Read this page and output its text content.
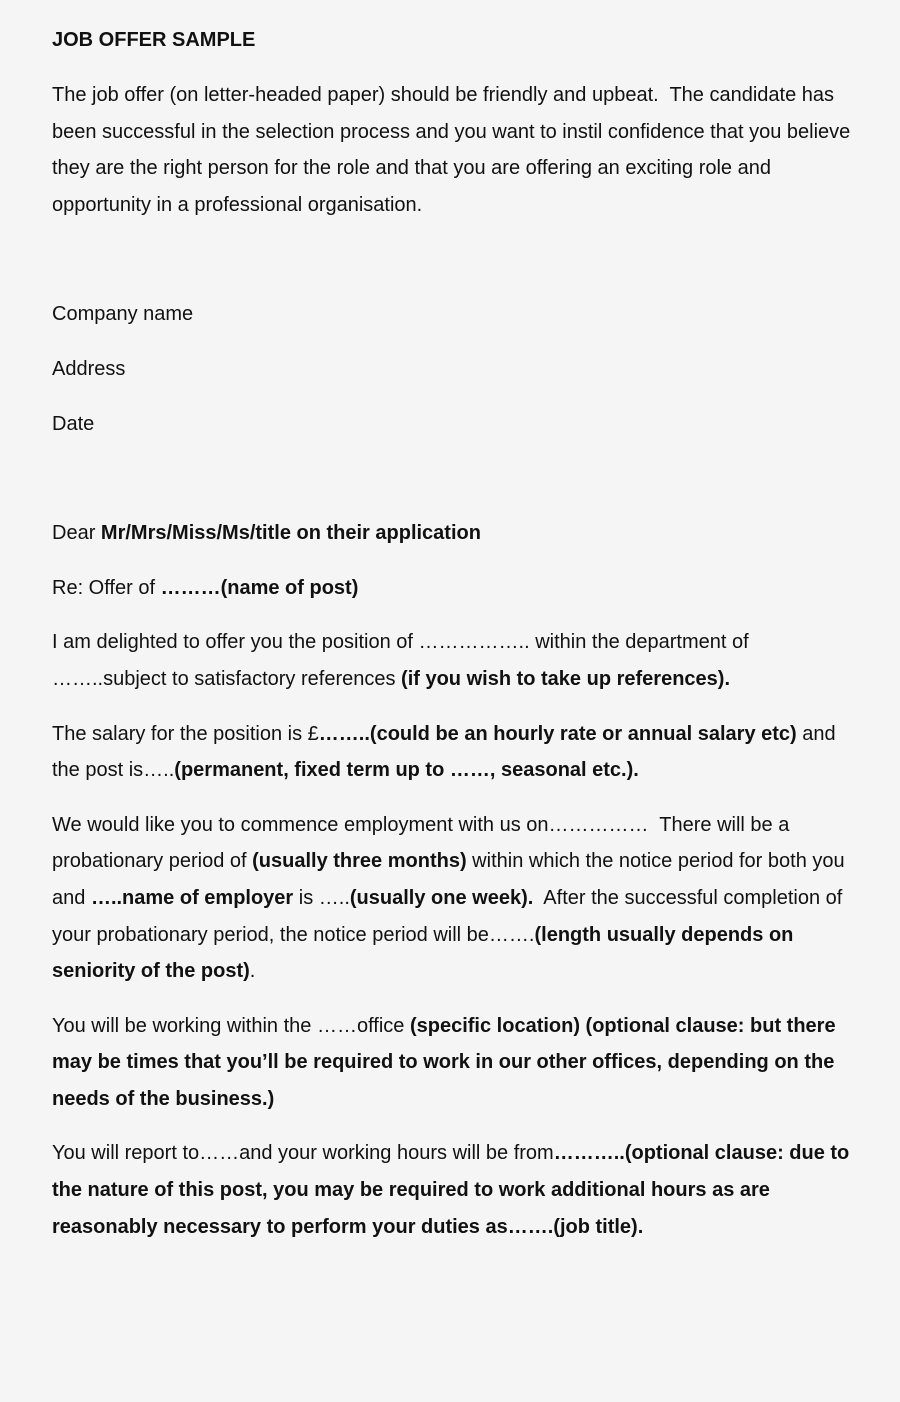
JOB OFFER SAMPLE

The job offer (on letter-headed paper) should be friendly and upbeat.  The candidate has been successful in the selection process and you want to instil confidence that you believe they are the right person for the role and that you are offering an exciting role and opportunity in a professional organisation.

Company name

Address

Date

Dear Mr/Mrs/Miss/Ms/title on their application

Re: Offer of ………(name of post)

I am delighted to offer you the position of …………….. within the department of ……..subject to satisfactory references (if you wish to take up references).

The salary for the position is £……..(could be an hourly rate or annual salary etc) and the post is…..(permanent, fixed term up to ……, seasonal etc.).

We would like you to commence employment with us on……………  There will be a probationary period of (usually three months) within which the notice period for both you and …..name of employer is …..(usually one week).  After the successful completion of your probationary period, the notice period will be…….(length usually depends on seniority of the post).

You will be working within the ……office (specific location) (optional clause: but there may be times that you’ll be required to work in our other offices, depending on the needs of the business.)

You will report to……and your working hours will be from………..(optional clause: due to the nature of this post, you may be required to work additional hours as are reasonably necessary to perform your duties as…….(job title).
